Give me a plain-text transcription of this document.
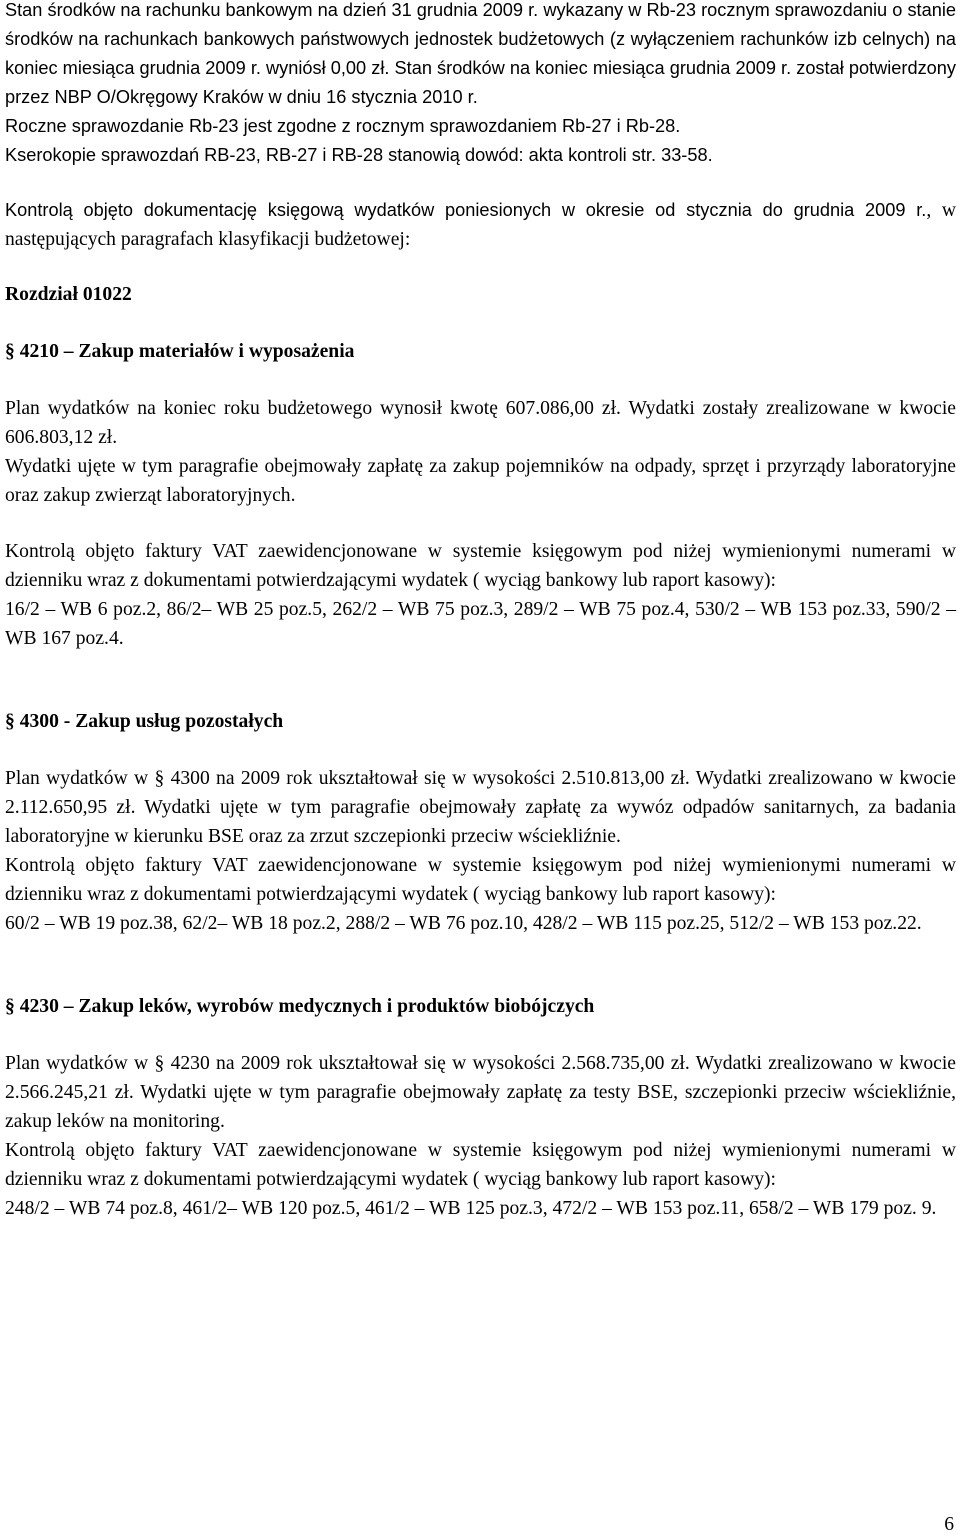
Stan środków na rachunku bankowym na dzień 31 grudnia 2009 r. wykazany w Rb-23 rocznym sprawozdaniu o stanie środków na rachunkach bankowych państwowych jednostek budżetowych (z wyłączeniem rachunków izb celnych) na koniec miesiąca grudnia 2009 r. wyniósł 0,00 zł. Stan środków na koniec miesiąca grudnia 2009 r. został potwierdzony przez NBP O/Okręgowy Kraków w dniu 16 stycznia 2010 r.

Roczne sprawozdanie Rb-23 jest zgodne z rocznym sprawozdaniem Rb-27 i Rb-28.

Kserokopie sprawozdań RB-23, RB-27 i RB-28 stanowią dowód: akta kontroli str. 33-58.

Kontrolą objęto dokumentację księgową wydatków poniesionych w okresie od stycznia do grudnia 2009 r., w następujących paragrafach klasyfikacji budżetowej:

Rozdział 01022
§ 4210 – Zakup materiałów i wyposażenia

Plan wydatków na koniec roku budżetowego wynosił kwotę 607.086,00 zł. Wydatki zostały zrealizowane w kwocie 606.803,12 zł.

Wydatki ujęte w tym paragrafie obejmowały zapłatę za zakup pojemników na odpady, sprzęt i przyrządy laboratoryjne oraz zakup zwierząt laboratoryjnych.

Kontrolą objęto faktury VAT zaewidencjonowane w systemie księgowym pod niżej wymienionymi numerami w dzienniku wraz z dokumentami potwierdzającymi wydatek ( wyciąg bankowy lub raport kasowy):

16/2 – WB 6 poz.2, 86/2– WB 25 poz.5, 262/2 – WB 75 poz.3, 289/2 – WB 75 poz.4, 530/2 – WB 153 poz.33, 590/2 – WB 167 poz.4.

§ 4300 - Zakup usług pozostałych

Plan wydatków w § 4300 na 2009 rok ukształtował się w wysokości 2.510.813,00 zł. Wydatki zrealizowano w kwocie 2.112.650,95 zł. Wydatki ujęte w tym paragrafie obejmowały zapłatę za wywóz odpadów sanitarnych, za badania laboratoryjne w kierunku BSE oraz za zrzut szczepionki przeciw wściekliźnie.

Kontrolą objęto faktury VAT zaewidencjonowane w systemie księgowym pod niżej wymienionymi numerami w dzienniku wraz z dokumentami potwierdzającymi wydatek ( wyciąg bankowy lub raport kasowy):

60/2 – WB 19 poz.38, 62/2– WB 18 poz.2, 288/2 – WB 76 poz.10, 428/2 – WB 115 poz.25, 512/2 – WB 153 poz.22.

§ 4230 – Zakup leków, wyrobów medycznych i produktów biobójczych

Plan wydatków w § 4230 na 2009 rok ukształtował się w wysokości 2.568.735,00 zł. Wydatki zrealizowano w kwocie 2.566.245,21 zł. Wydatki ujęte w tym paragrafie obejmowały zapłatę za testy BSE, szczepionki przeciw wściekliźnie, zakup leków na monitoring.

Kontrolą objęto faktury VAT zaewidencjonowane w systemie księgowym pod niżej wymienionymi numerami w dzienniku wraz z dokumentami potwierdzającymi wydatek ( wyciąg bankowy lub raport kasowy):

248/2 – WB 74 poz.8, 461/2– WB 120 poz.5, 461/2 – WB 125 poz.3, 472/2 – WB 153 poz.11, 658/2 – WB 179 poz. 9.

6
